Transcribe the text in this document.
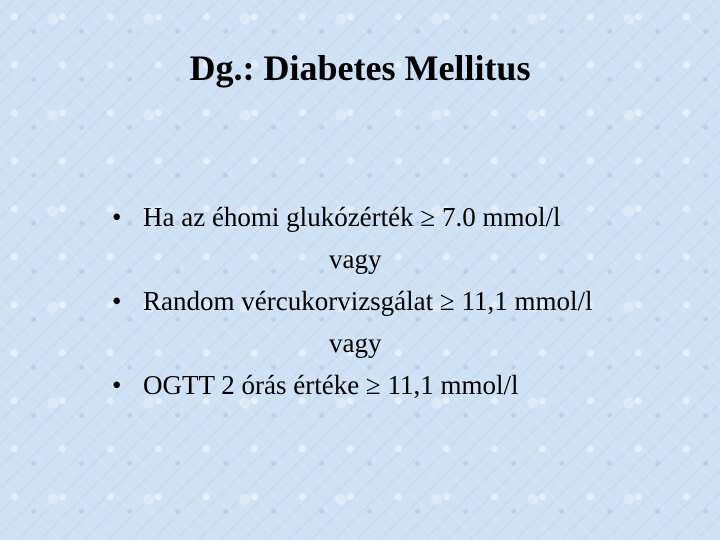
Dg.: Diabetes Mellitus
• Ha az éhomi glukózérték ≥ 7.0 mmol/l
vagy
• Random vércukorvizsgálat ≥ 11,1 mmol/l
vagy
• OGTT 2 órás értéke ≥ 11,1 mmol/l
